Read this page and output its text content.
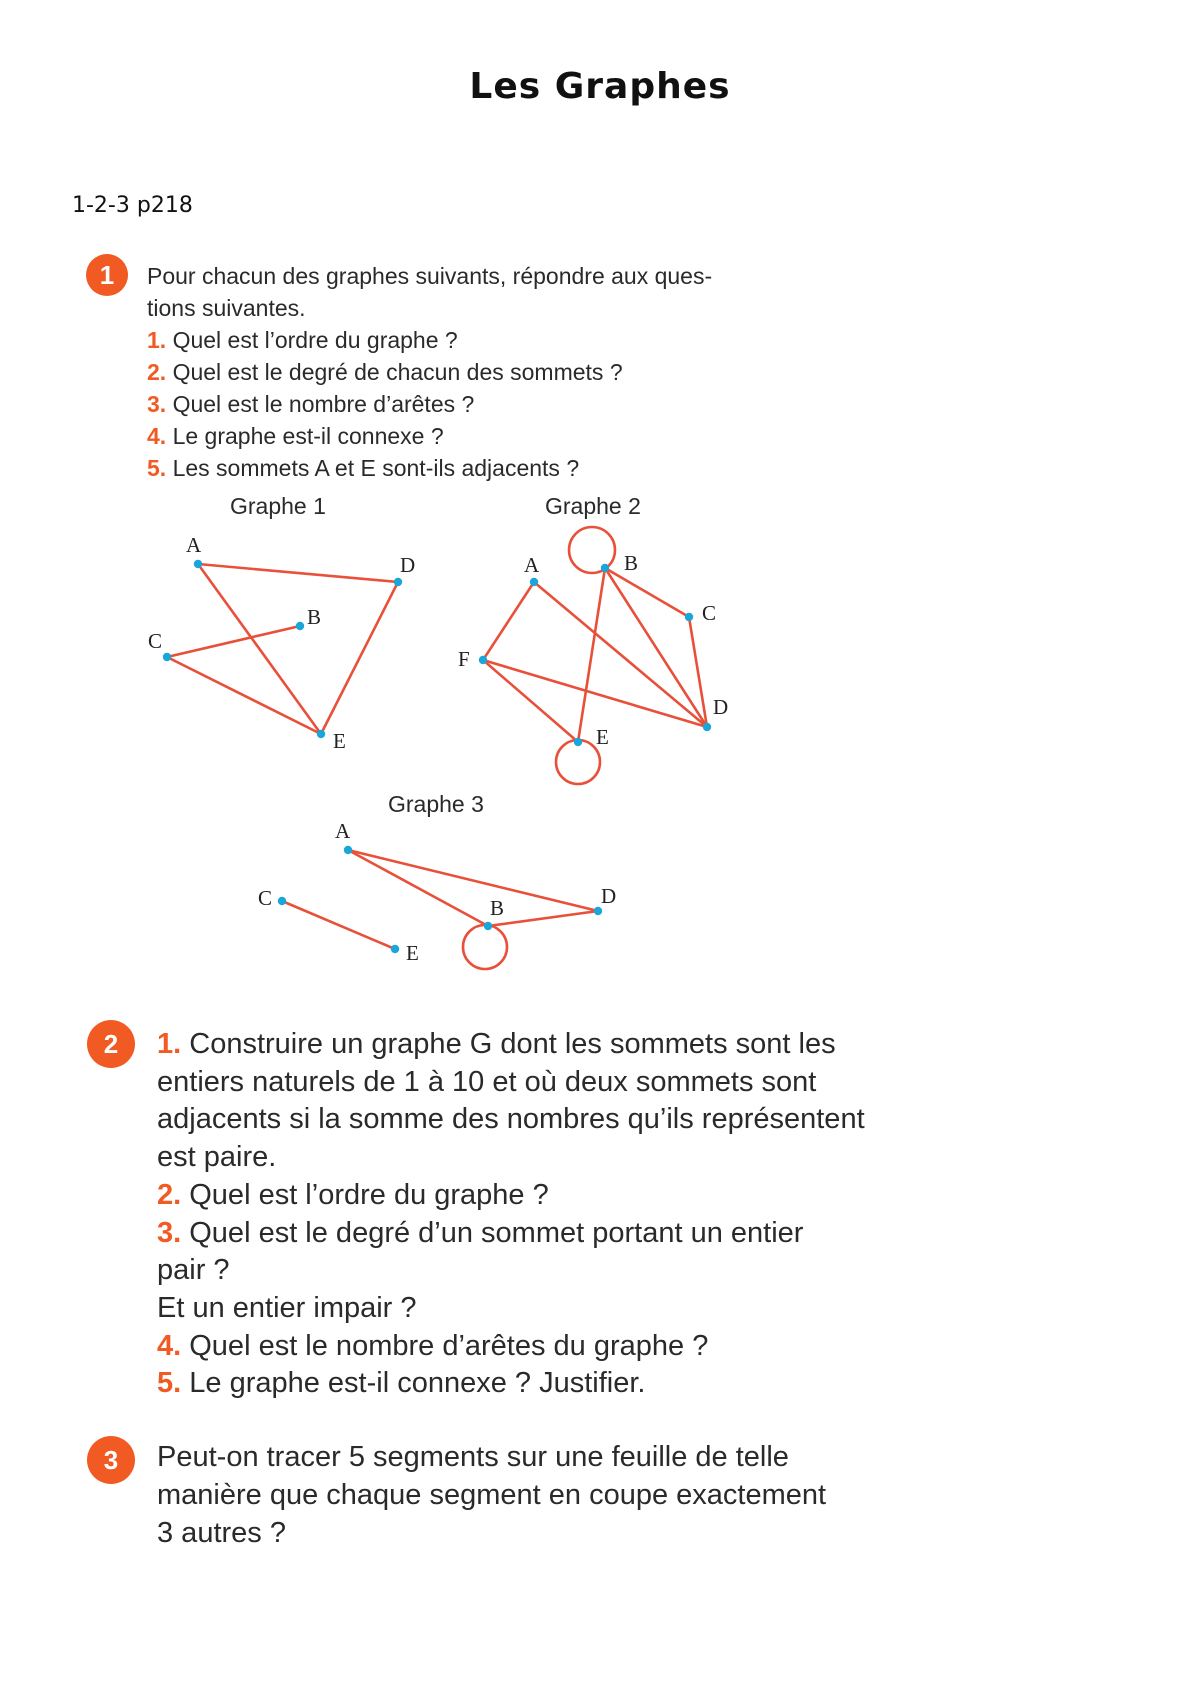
Les Graphes
1-2-3 p218
1	Pour chacun des graphes suivants, répondre aux ques-

tions suivantes.

1. Quel est l’ordre du graphe ?

2. Quel est le degré de chacun des sommets ?

3. Quel est le nombre d’arêtes ?

4. Le graphe est-il connexe ?

5. Les sommets A et E sont-ils adjacents ?

Graphe 1	Graphe 2
Graphe 3
A
B
C
D
E
A	B
C
D
E
F
A
B
C	D
E
2	1. Construire un graphe G dont les sommets sont les

entiers naturels de 1 à 10 et où deux sommets sont

adjacents si la somme des nombres qu’ils représentent

est paire.

2. Quel est l’ordre du graphe ?

3. Quel est le degré d’un sommet portant un entier

pair ?

Et un entier impair ?

4. Quel est le nombre d’arêtes du graphe ?

5. Le graphe est-il connexe ? Justifier.

3	Peut-on tracer 5 segments sur une feuille de telle

manière que chaque segment en coupe exactement

3 autres ?
